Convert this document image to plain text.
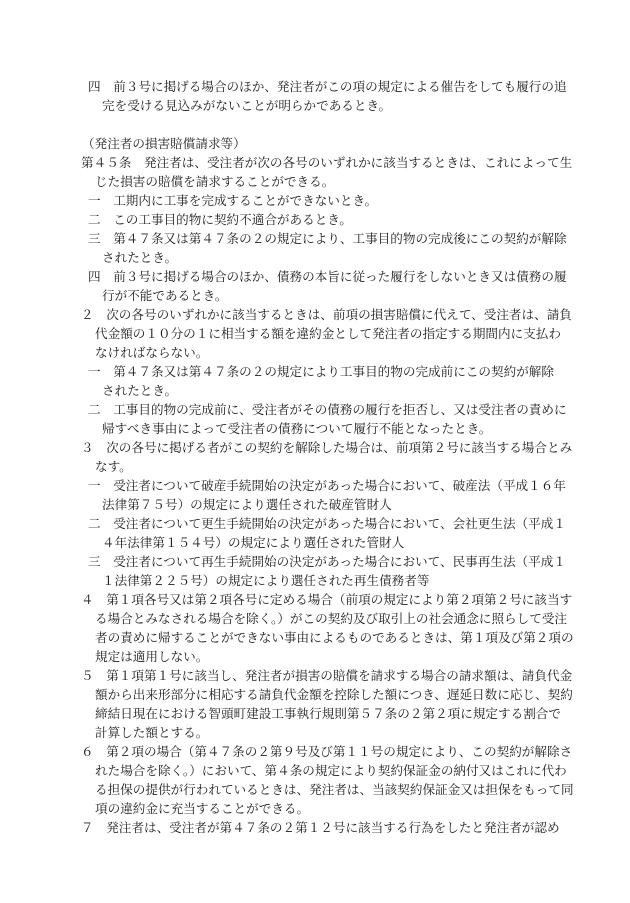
四　前３号に掲げる場合のほか、発注者がこの項の規定による催告をしても履行の追
完を受ける見込みがないことが明らかであるとき。
（発注者の損害賠償請求等）
第４５条　発注者は、受注者が次の各号のいずれかに該当するときは、これによって生
じた損害の賠償を請求することができる。
一　工期内に工事を完成することができないとき。
二　この工事目的物に契約不適合があるとき。
三　第４７条又は第４７条の２の規定により、工事目的物の完成後にこの契約が解除
されたとき。
四　前３号に掲げる場合のほか、債務の本旨に従った履行をしないとき又は債務の履
行が不能であるとき。
２　次の各号のいずれかに該当するときは、前項の損害賠償に代えて、受注者は、請負
代金額の１０分の１に相当する額を違約金として発注者の指定する期間内に支払わ
なければならない。
一　第４７条又は第４７条の２の規定により工事目的物の完成前にこの契約が解除
されたとき。
二　工事目的物の完成前に、受注者がその債務の履行を拒否し、又は受注者の責めに
帰すべき事由によって受注者の債務について履行不能となったとき。
３　次の各号に掲げる者がこの契約を解除した場合は、前項第２号に該当する場合とみ
なす。
一　受注者について破産手続開始の決定があった場合において、破産法（平成１６年
法律第７５号）の規定により選任された破産管財人
二　受注者について更生手続開始の決定があった場合において、会社更生法（平成１
４年法律第１５４号）の規定により選任された管財人
三　受注者について再生手続開始の決定があった場合において、民事再生法（平成１
１法律第２２５号）の規定により選任された再生債務者等
４　第１項各号又は第２項各号に定める場合（前項の規定により第２項第２号に該当す
る場合とみなされる場合を除く。）がこの契約及び取引上の社会通念に照らして受注
者の責めに帰することができない事由によるものであるときは、第１項及び第２項の
規定は適用しない。
５　第１項第１号に該当し、発注者が損害の賠償を請求する場合の請求額は、請負代金
額から出来形部分に相応する請負代金額を控除した額につき、遅延日数に応じ、契約
締結日現在における智頭町建設工事執行規則第５７条の２第２項に規定する割合で
計算した額とする。
６　第２項の場合（第４７条の２第９号及び第１１号の規定により、この契約が解除さ
れた場合を除く。）において、第４条の規定により契約保証金の納付又はこれに代わ
る担保の提供が行われているときは、発注者は、当該契約保証金又は担保をもって同
項の違約金に充当することができる。
７　発注者は、受注者が第４７条の２第１２号に該当する行為をしたと発注者が認め
